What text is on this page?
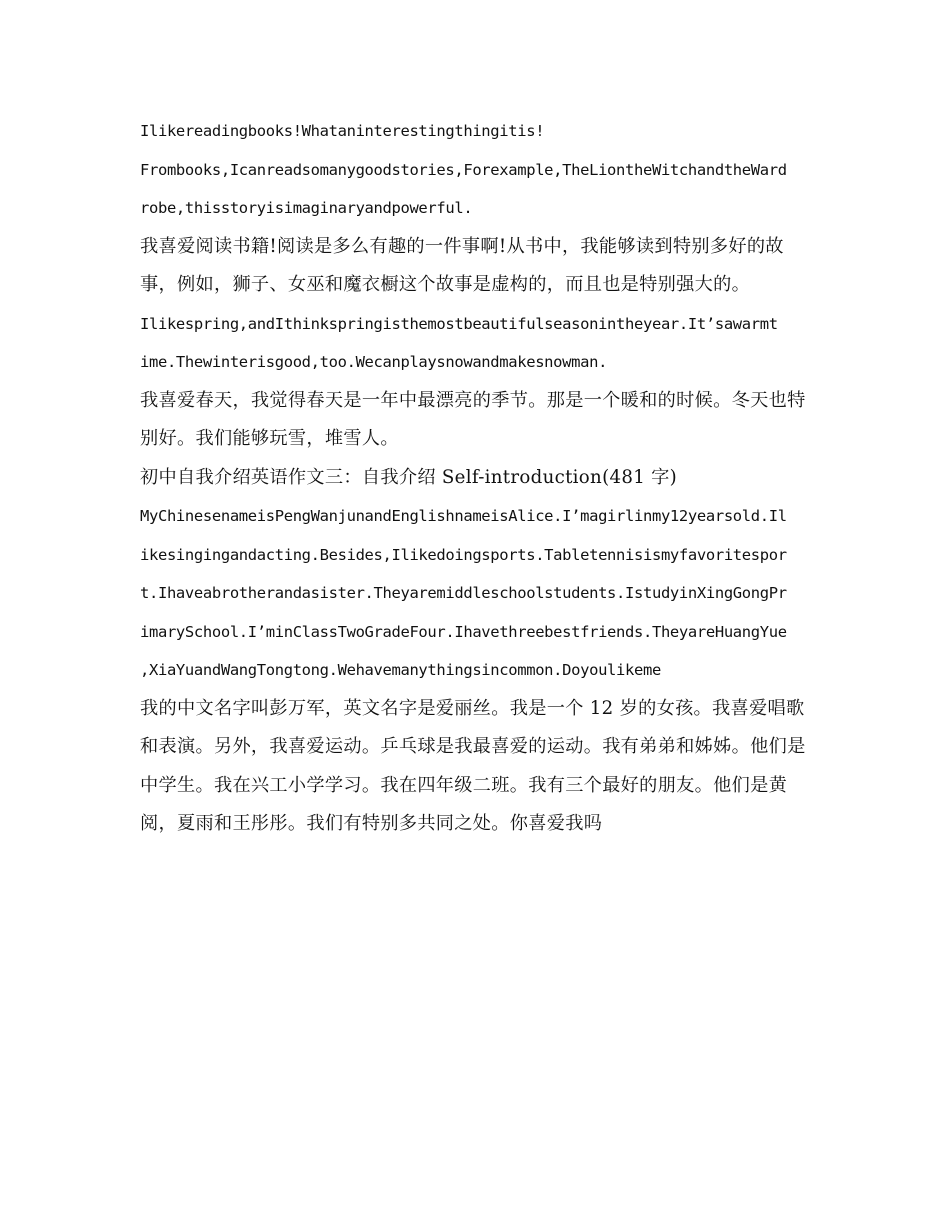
Ilikereadingbooks!Whataninterestingthingitis!
Frombooks,Icanreadsomanygoodstories,Forexample,TheLiontheWitchandtheWard
robe,thisstoryisimaginaryandpowerful.
我喜爱阅读书籍!阅读是多么有趣的一件事啊!从书中，我能够读到特别多好的故
事，例如，狮子、女巫和魔衣橱这个故事是虚构的，而且也是特别强大的。
Ilikespring,andIthinkspringisthemostbeautifulseasonintheyear.It’sawarmt
ime.Thewinterisgood,too.Wecanplaysnowandmakesnowman.
我喜爱春天，我觉得春天是一年中最漂亮的季节。那是一个暖和的时候。冬天也特
别好。我们能够玩雪，堆雪人。
初中自我介绍英语作文三：自我介绍 Self-introduction(481 字)
MyChinesenameisPengWanjunandEnglishnameisAlice.I’magirlinmy12yearsold.Il
ikesingingandacting.Besides,Ilikedoingsports.Tabletennisismyfavoritespor
t.Ihaveabrotherandasister.Theyaremiddleschoolstudents.IstudyinXingGongPr
imarySchool.I’minClassTwoGradeFour.Ihavethreebestfriends.TheyareHuangYue
,XiaYuandWangTongtong.Wehavemanythingsincommon.Doyoulikeme
我的中文名字叫彭万军，英文名字是爱丽丝。我是一个 12 岁的女孩。我喜爱唱歌
和表演。另外，我喜爱运动。乒乓球是我最喜爱的运动。我有弟弟和姊姊。他们是
中学生。我在兴工小学学习。我在四年级二班。我有三个最好的朋友。他们是黄
阅，夏雨和王彤彤。我们有特别多共同之处。你喜爱我吗
